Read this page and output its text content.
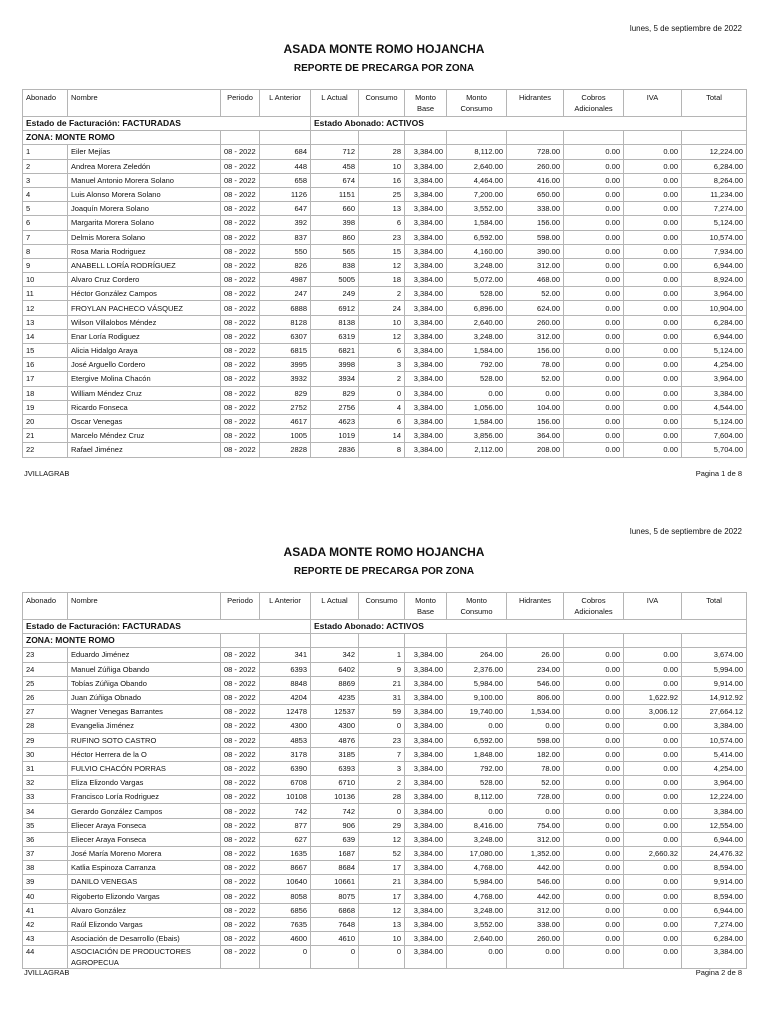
lunes, 5 de septiembre de 2022
ASADA MONTE ROMO HOJANCHA
REPORTE DE PRECARGA POR ZONA
Abonado	Nombre	Periodo	L Anterior	L Actual	Consumo	Monto Base	Monto Consumo	Hidrantes	Cobros Adicionales	IVA	Total
Estado de Facturación: FACTURADAS				Estado Abonado: ACTIVOS							
ZONA: MONTE ROMO											
1	Eiler Mejías	08 - 2022	684	712	28	3,384.00	8,112.00	728.00	0.00	0.00	12,224.00
2	Andrea Morera Zeledón	08 - 2022	448	458	10	3,384.00	2,640.00	260.00	0.00	0.00	6,284.00
3	Manuel Antonio Morera Solano	08 - 2022	658	674	16	3,384.00	4,464.00	416.00	0.00	0.00	8,264.00
4	Luis Alonso Morera Solano	08 - 2022	1126	1151	25	3,384.00	7,200.00	650.00	0.00	0.00	11,234.00
5	Joaquín Morera Solano	08 - 2022	647	660	13	3,384.00	3,552.00	338.00	0.00	0.00	7,274.00
6	Margarita Morera Solano	08 - 2022	392	398	6	3,384.00	1,584.00	156.00	0.00	0.00	5,124.00
7	Delmis Morera Solano	08 - 2022	837	860	23	3,384.00	6,592.00	598.00	0.00	0.00	10,574.00
8	Rosa Maria Rodriguez	08 - 2022	550	565	15	3,384.00	4,160.00	390.00	0.00	0.00	7,934.00
9	ANABELL LORÍA RODRÍGUEZ	08 - 2022	826	838	12	3,384.00	3,248.00	312.00	0.00	0.00	6,944.00
10	Alvaro Cruz Cordero	08 - 2022	4987	5005	18	3,384.00	5,072.00	468.00	0.00	0.00	8,924.00
11	Héctor González Campos	08 - 2022	247	249	2	3,384.00	528.00	52.00	0.00	0.00	3,964.00
12	FROYLAN PACHECO VÁSQUEZ	08 - 2022	6888	6912	24	3,384.00	6,896.00	624.00	0.00	0.00	10,904.00
13	Wilson Villalobos Méndez	08 - 2022	8128	8138	10	3,384.00	2,640.00	260.00	0.00	0.00	6,284.00
14	Enar Loría Rodiguez	08 - 2022	6307	6319	12	3,384.00	3,248.00	312.00	0.00	0.00	6,944.00
15	Alicia Hidalgo Araya	08 - 2022	6815	6821	6	3,384.00	1,584.00	156.00	0.00	0.00	5,124.00
16	José Arguello Cordero	08 - 2022	3995	3998	3	3,384.00	792.00	78.00	0.00	0.00	4,254.00
17	Etergive Molina Chacón	08 - 2022	3932	3934	2	3,384.00	528.00	52.00	0.00	0.00	3,964.00
18	William Méndez Cruz	08 - 2022	829	829	0	3,384.00	0.00	0.00	0.00	0.00	3,384.00
19	Ricardo Fonseca	08 - 2022	2752	2756	4	3,384.00	1,056.00	104.00	0.00	0.00	4,544.00
20	Oscar Venegas	08 - 2022	4617	4623	6	3,384.00	1,584.00	156.00	0.00	0.00	5,124.00
21	Marcelo Méndez Cruz	08 - 2022	1005	1019	14	3,384.00	3,856.00	364.00	0.00	0.00	7,604.00
22	Rafael Jiménez	08 - 2022	2828	2836	8	3,384.00	2,112.00	208.00	0.00	0.00	5,704.00
JVILLAGRAB	Pagina 1 de 8
lunes, 5 de septiembre de 2022
ASADA MONTE ROMO HOJANCHA
REPORTE DE PRECARGA POR ZONA
Abonado	Nombre	Periodo	L Anterior	L Actual	Consumo	Monto Base	Monto Consumo	Hidrantes	Cobros Adicionales	IVA	Total
Estado de Facturación: FACTURADAS				Estado Abonado: ACTIVOS							
ZONA: MONTE ROMO											
23	Eduardo Jiménez	08 - 2022	341	342	1	3,384.00	264.00	26.00	0.00	0.00	3,674.00
24	Manuel Zúñiga Obando	08 - 2022	6393	6402	9	3,384.00	2,376.00	234.00	0.00	0.00	5,994.00
25	Tobías Zúñiga Obando	08 - 2022	8848	8869	21	3,384.00	5,984.00	546.00	0.00	0.00	9,914.00
26	Juan Zúñiga Obnado	08 - 2022	4204	4235	31	3,384.00	9,100.00	806.00	0.00	1,622.92	14,912.92
27	Wagner Venegas Barrantes	08 - 2022	12478	12537	59	3,384.00	19,740.00	1,534.00	0.00	3,006.12	27,664.12
28	Evangelia Jiménez	08 - 2022	4300	4300	0	3,384.00	0.00	0.00	0.00	0.00	3,384.00
29	RUFINO SOTO CASTRO	08 - 2022	4853	4876	23	3,384.00	6,592.00	598.00	0.00	0.00	10,574.00
30	Héctor Herrera de la O	08 - 2022	3178	3185	7	3,384.00	1,848.00	182.00	0.00	0.00	5,414.00
31	FULVIO CHACÓN PORRAS	08 - 2022	6390	6393	3	3,384.00	792.00	78.00	0.00	0.00	4,254.00
32	Eliza Elizondo Vargas	08 - 2022	6708	6710	2	3,384.00	528.00	52.00	0.00	0.00	3,964.00
33	Francisco Loría Rodriguez	08 - 2022	10108	10136	28	3,384.00	8,112.00	728.00	0.00	0.00	12,224.00
34	Gerardo González Campos	08 - 2022	742	742	0	3,384.00	0.00	0.00	0.00	0.00	3,384.00
35	Eliecer Araya Fonseca	08 - 2022	877	906	29	3,384.00	8,416.00	754.00	0.00	0.00	12,554.00
36	Eliecer Araya Fonseca	08 - 2022	627	639	12	3,384.00	3,248.00	312.00	0.00	0.00	6,944.00
37	José María Moreno Morera	08 - 2022	1635	1687	52	3,384.00	17,080.00	1,352.00	0.00	2,660.32	24,476.32
38	Katlia Espinoza Carranza	08 - 2022	8667	8684	17	3,384.00	4,768.00	442.00	0.00	0.00	8,594.00
39	DANILO VENEGAS	08 - 2022	10640	10661	21	3,384.00	5,984.00	546.00	0.00	0.00	9,914.00
40	Rigoberto Elizondo Vargas	08 - 2022	8058	8075	17	3,384.00	4,768.00	442.00	0.00	0.00	8,594.00
41	Alvaro González	08 - 2022	6856	6868	12	3,384.00	3,248.00	312.00	0.00	0.00	6,944.00
42	Raúl Elizondo Vargas	08 - 2022	7635	7648	13	3,384.00	3,552.00	338.00	0.00	0.00	7,274.00
43	Asociación de Desarrollo (Ebais)	08 - 2022	4600	4610	10	3,384.00	2,640.00	260.00	0.00	0.00	6,284.00
44	ASOCIACIÓN DE PRODUCTORES AGROPECUA	08 - 2022	0	0	0	3,384.00	0.00	0.00	0.00	0.00	3,384.00
JVILLAGRAB	Pagina 2 de 8
